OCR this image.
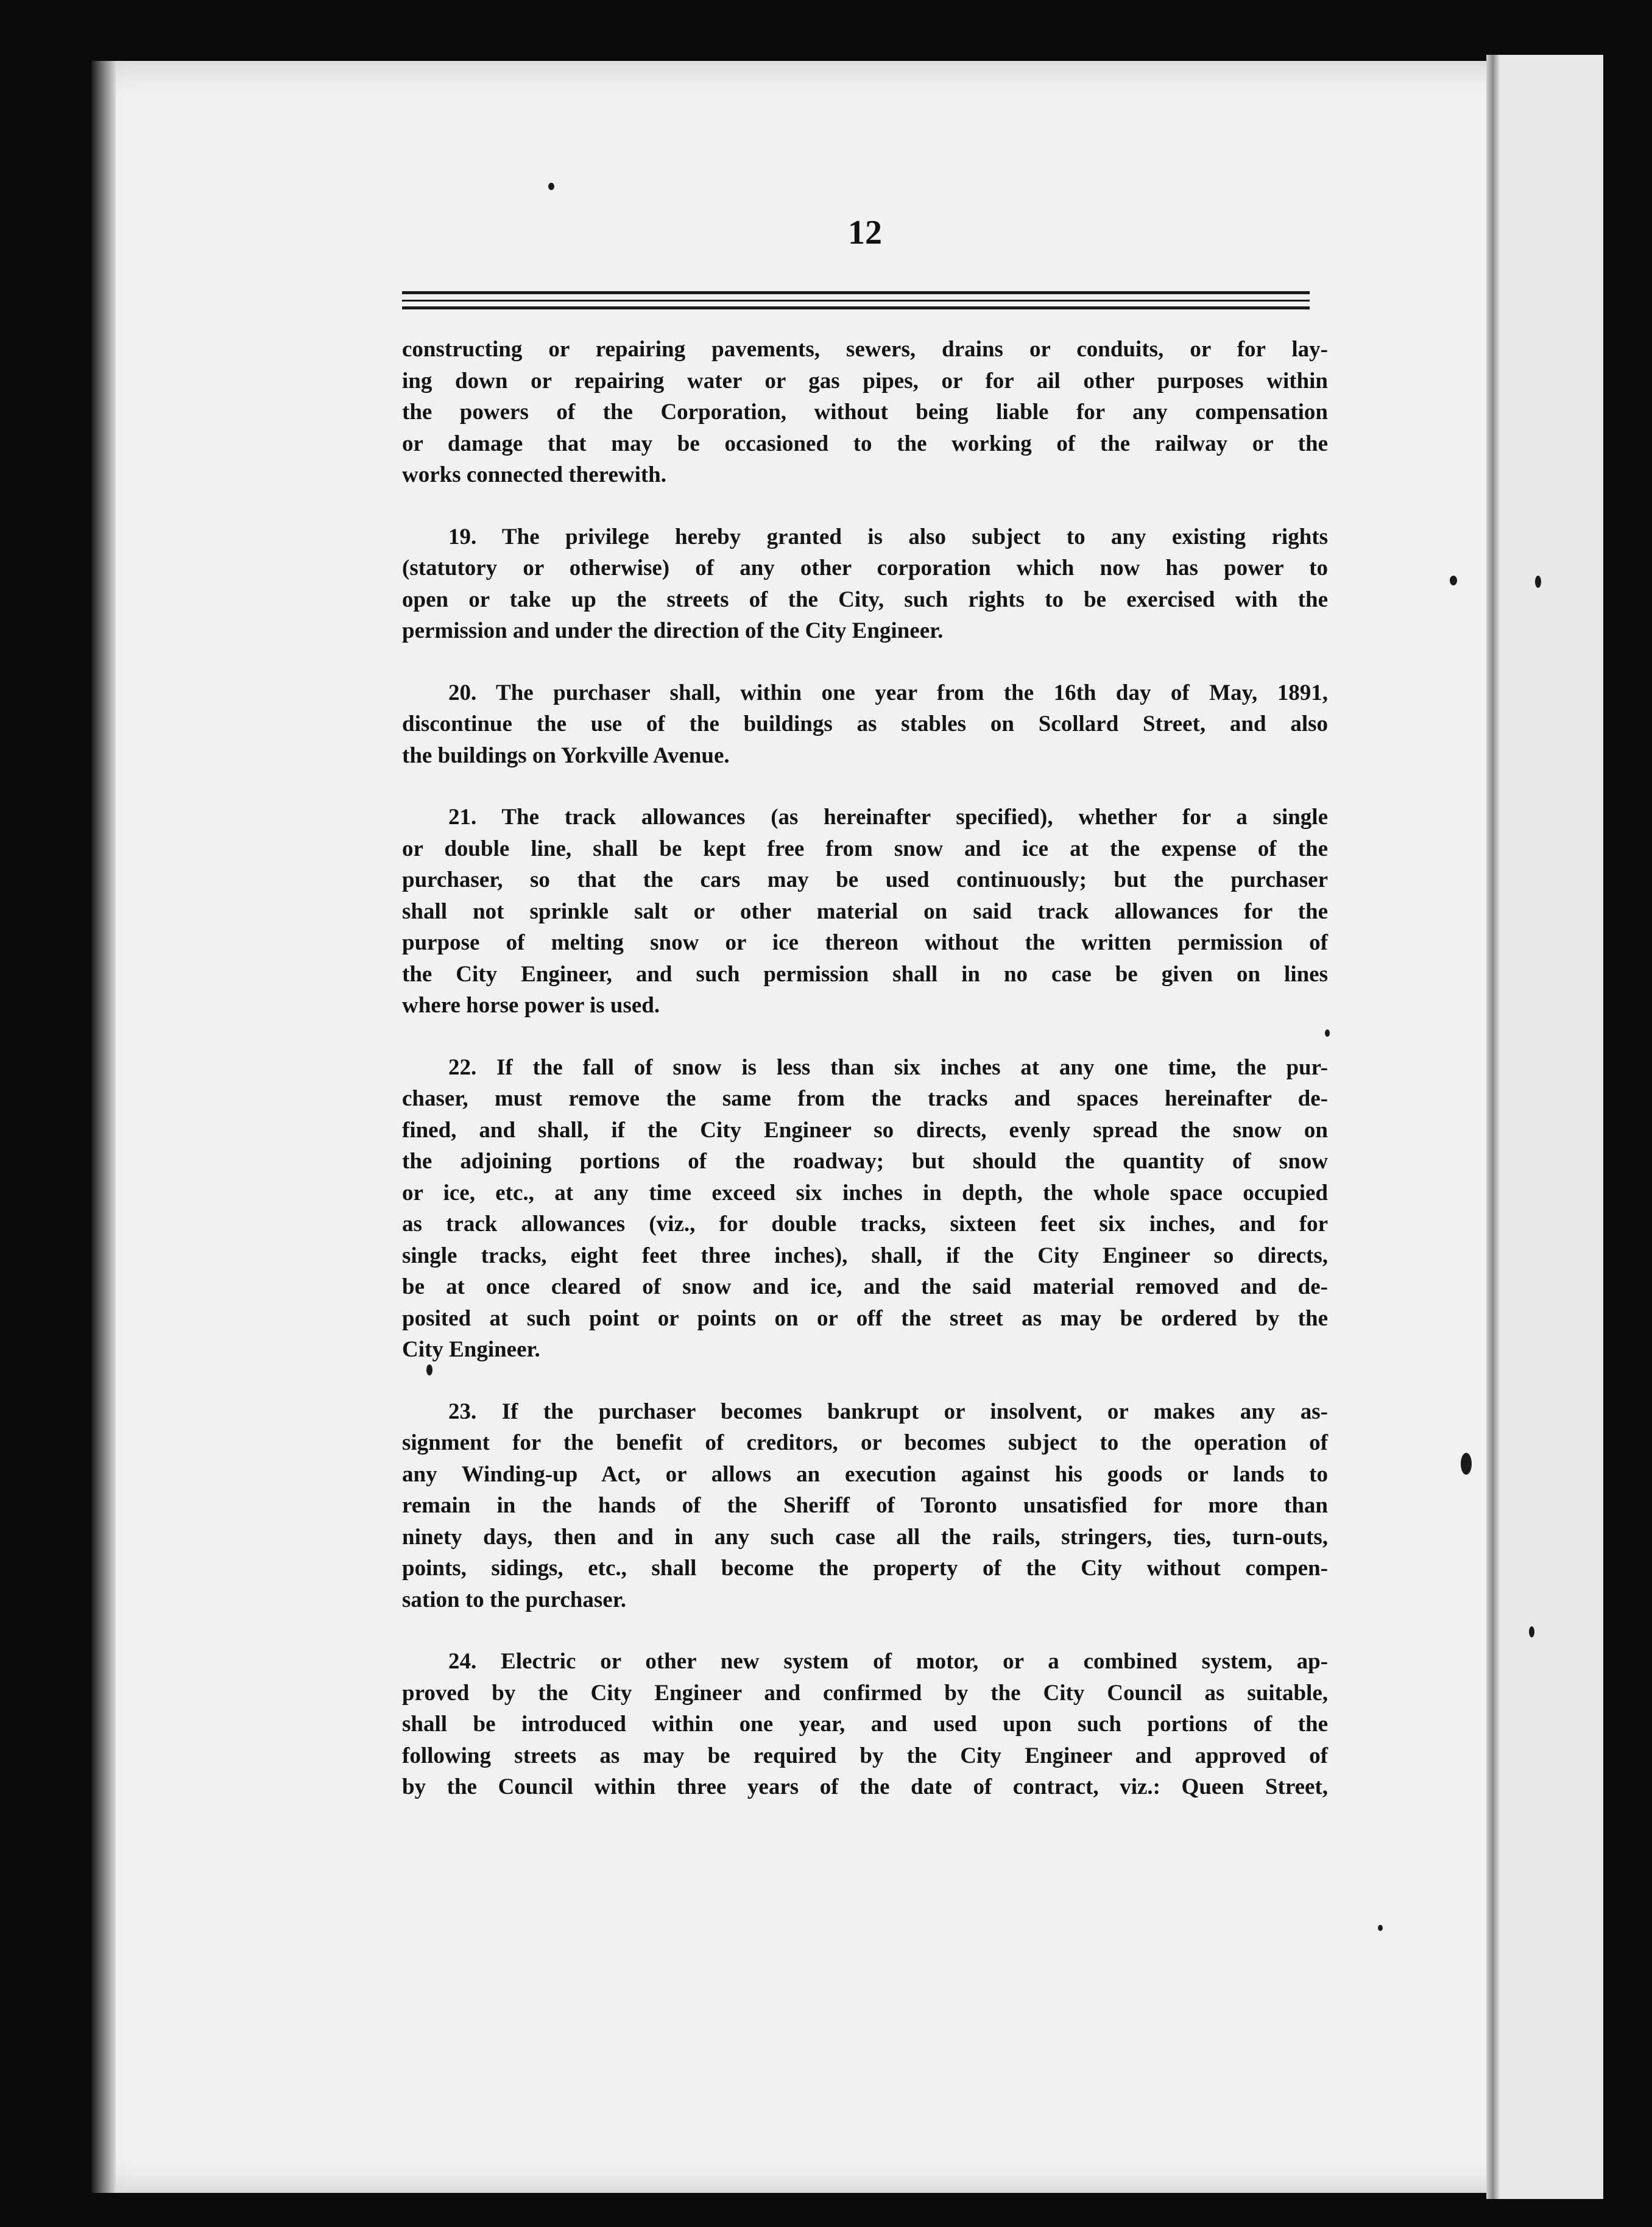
12
constructing or repairing pavements, sewers, drains or conduits, or for lay-
ing down or repairing water or gas pipes, or for ail other purposes within
the powers of the Corporation, without being liable for any compensation
or damage that may be occasioned to the working of the railway or the
works connected therewith.
19. The privilege hereby granted is also subject to any existing rights
(statutory or otherwise) of any other corporation which now has power to
open or take up the streets of the City, such rights to be exercised with the
permission and under the direction of the City Engineer.
20. The purchaser shall, within one year from the 16th day of May, 1891,
discontinue the use of the buildings as stables on Scollard Street, and also
the buildings on Yorkville Avenue.
21. The track allowances (as hereinafter specified), whether for a single
or double line, shall be kept free from snow and ice at the expense of the
purchaser, so that the cars may be used continuously; but the purchaser
shall not sprinkle salt or other material on said track allowances for the
purpose of melting snow or ice thereon without the written permission of
the City Engineer, and such permission shall in no case be given on lines
where horse power is used.
22. If the fall of snow is less than six inches at any one time, the pur-
chaser, must remove the same from the tracks and spaces hereinafter de-
fined, and shall, if the City Engineer so directs, evenly spread the snow on
the adjoining portions of the roadway; but should the quantity of snow
or ice, etc., at any time exceed six inches in depth, the whole space occupied
as track allowances (viz., for double tracks, sixteen feet six inches, and for
single tracks, eight feet three inches), shall, if the City Engineer so directs,
be at once cleared of snow and ice, and the said material removed and de-
posited at such point or points on or off the street as may be ordered by the
City Engineer.
23. If the purchaser becomes bankrupt or insolvent, or makes any as-
signment for the benefit of creditors, or becomes subject to the operation of
any Winding-up Act, or allows an execution against his goods or lands to
remain in the hands of the Sheriff of Toronto unsatisfied for more than
ninety days, then and in any such case all the rails, stringers, ties, turn-outs,
points, sidings, etc., shall become the property of the City without compen-
sation to the purchaser.
24. Electric or other new system of motor, or a combined system, ap-
proved by the City Engineer and confirmed by the City Council as suitable,
shall be introduced within one year, and used upon such portions of the
following streets as may be required by the City Engineer and approved of
by the Council within three years of the date of contract, viz.: Queen Street,
